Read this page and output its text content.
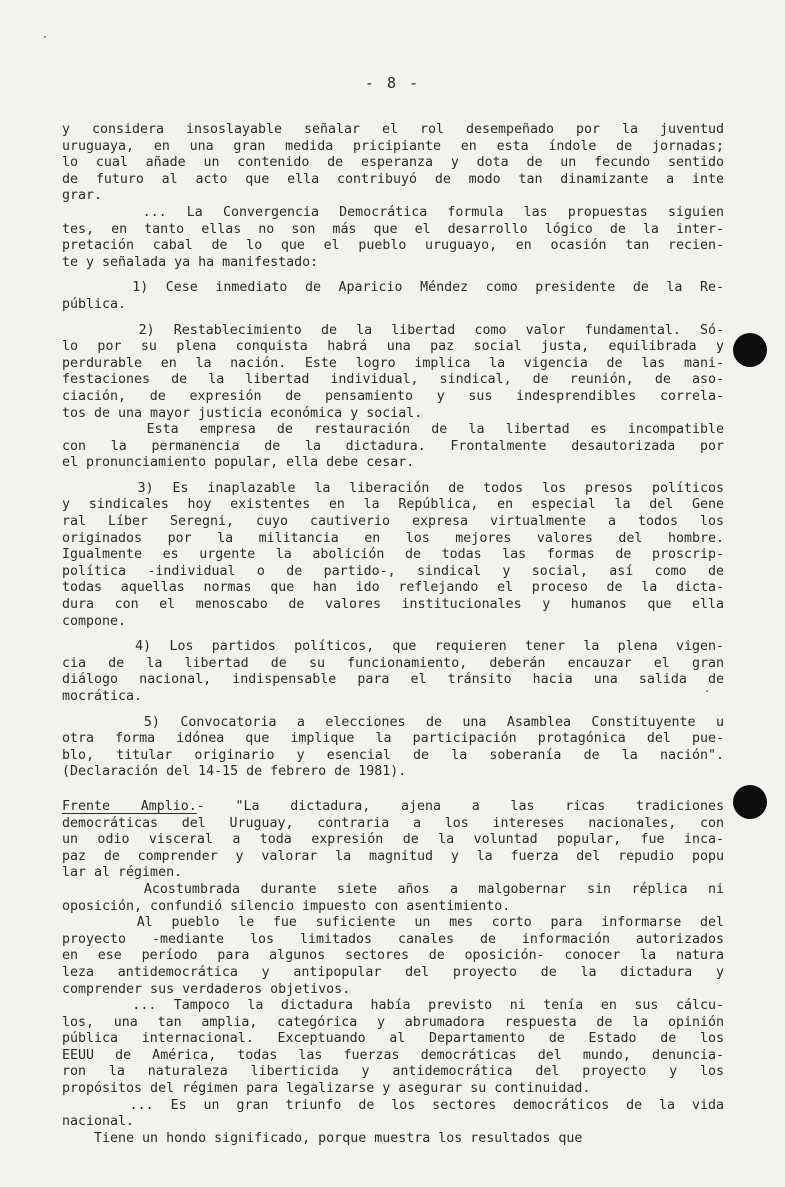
- 8 -
y considera insoslayable señalar el rol desempeñado por la juventud
uruguaya, en una gran medida pricipiante en esta índole de jornadas;
lo cual añade un contenido de esperanza y dota de un fecundo sentido
de futuro al acto que ella contribuyó de modo tan dinamizante a inte
grar.
... La Convergencia Democrática formula las propuestas siguien
tes, en tanto ellas no son más que el desarrollo lógico de la inter-
pretación cabal de lo que el pueblo uruguayo, en ocasión tan recien-
te y señalada ya ha manifestado:
1) Cese inmediato de Aparicio Méndez como presidente de la Re-
pública.
2) Restablecimiento de la libertad como valor fundamental. Só-
lo por su plena conquista habrá una paz social justa, equilibrada y
perdurable en la nación. Este logro implica la vigencia de las mani-
festaciones de la libertad individual, sindical, de reunión, de aso-
ciación, de expresión de pensamiento y sus indesprendibles correla-
tos de una mayor justicia económica y social.
Esta empresa de restauración de la libertad es incompatible
con la permanencia de la dictadura. Frontalmente desautorizada por
el pronunciamiento popular, ella debe cesar.
3) Es inaplazable la liberación de todos los presos políticos
y sindicales hoy existentes en la República, en especial la del Gene
ral Líber Seregni, cuyo cautiverio expresa virtualmente a todos los
originados por la militancia en los mejores valores del hombre.
Igualmente es urgente la abolición de todas las formas de proscrip-
política -individual o de partido-, sindical y social, así como de
todas aquellas normas que han ido reflejando el proceso de la dicta-
dura con el menoscabo de valores institucionales y humanos que ella
compone.
4) Los partidos políticos, que requieren tener la plena vigen-
cia de la libertad de su funcionamiento, deberán encauzar el gran
diálogo nacional, indispensable para el tránsito hacia una salida de
mocrática.
5) Convocatoria a elecciones de una Asamblea Constituyente u
otra forma idónea que implique la participación protagónica del pue-
blo, titular originario y esencial de la soberanía de la nación".
(Declaración del 14-15 de febrero de 1981).
Frente Amplio.- "La dictadura, ajena a las ricas tradiciones
democráticas del Uruguay, contraria a los intereses nacionales, con
un odio visceral a toda expresión de la voluntad popular, fue inca-
paz de comprender y valorar la magnitud y la fuerza del repudio popu
lar al régimen.
Acostumbrada durante siete años a malgobernar sin réplica ni
oposición, confundió silencio impuesto con asentimiento.
Al pueblo le fue suficiente un mes corto para informarse del
proyecto -mediante los limitados canales de información autorizados
en ese período para algunos sectores de oposición- conocer la natura
leza antidemocrática y antipopular del proyecto de la dictadura y
comprender sus verdaderos objetivos.
... Tampoco la dictadura había previsto ni tenía en sus cálcu-
los, una tan amplia, categórica y abrumadora respuesta de la opinión
pública internacional. Exceptuando al Departamento de Estado de los
EEUU de América, todas las fuerzas democráticas del mundo, denuncia-
ron la naturaleza liberticida y antidemocrática del proyecto y los
propósitos del régimen para legalizarse y asegurar su continuidad.
... Es un gran triunfo de los sectores democráticos de la vida
nacional.
Tiene un hondo significado, porque muestra los resultados que
